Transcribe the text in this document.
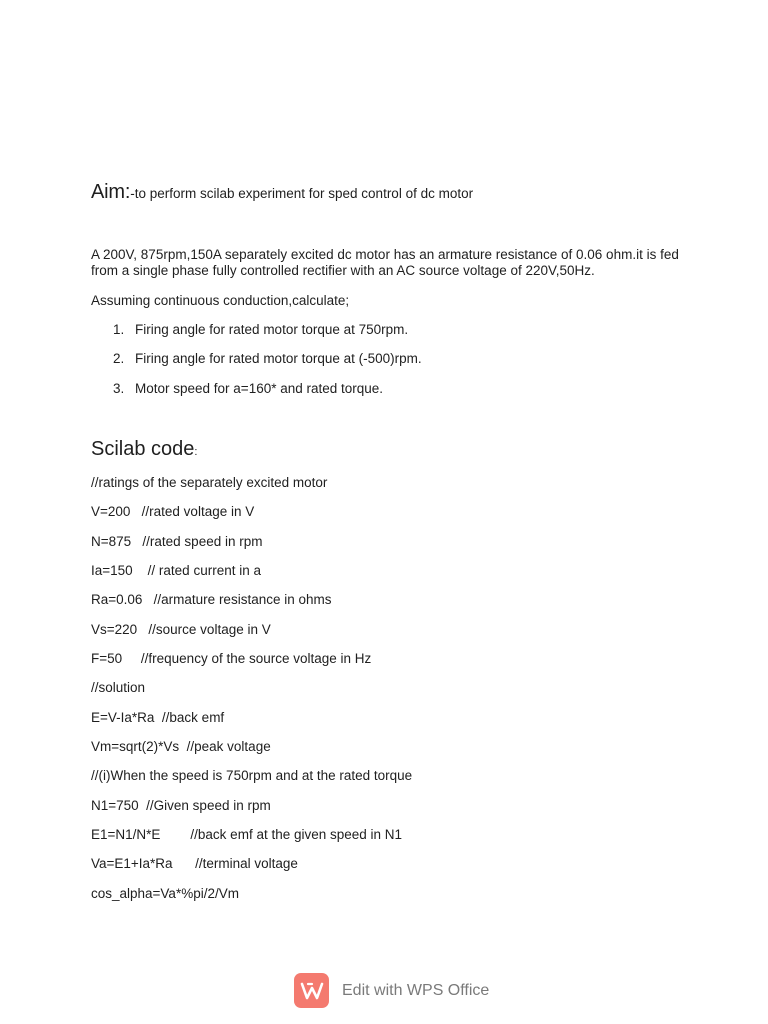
Aim:-to perform scilab experiment for sped control of dc motor

A 200V, 875rpm,150A separately excited dc motor has an armature resistance of 0.06 ohm.it is fed from a single phase fully controlled rectifier with an AC source voltage of 220V,50Hz.

Assuming continuous conduction,calculate;

1. Firing angle for rated motor torque at 750rpm.
2. Firing angle for rated motor torque at (-500)rpm.
3. Motor speed for a=160* and rated torque.
Scilab code:
//ratings of the separately excited motor
V=200   //rated voltage in V
N=875   //rated speed in rpm
Ia=150    // rated current in a
Ra=0.06   //armature resistance in ohms
Vs=220   //source voltage in V
F=50     //frequency of the source voltage in Hz
//solution
E=V-Ia*Ra  //back emf
Vm=sqrt(2)*Vs  //peak voltage
//(i)When the speed is 750rpm and at the rated torque
N1=750  //Given speed in rpm
E1=N1/N*E        //back emf at the given speed in N1
Va=E1+Ia*Ra      //terminal voltage
cos_alpha=Va*%pi/2/Vm
Edit with WPS Office
